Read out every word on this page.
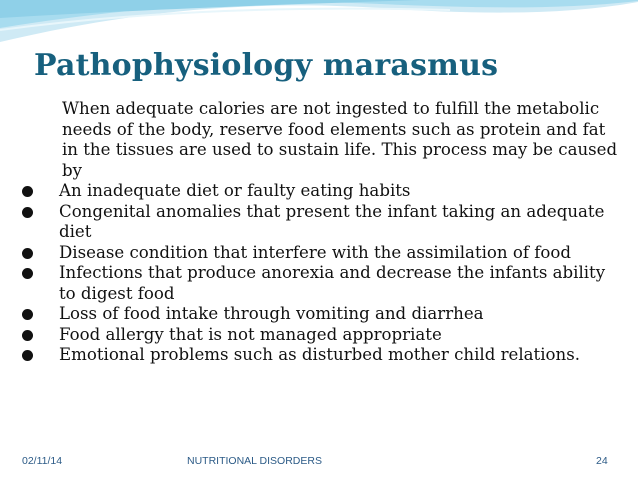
Pathophysiology marasmus

When adequate calories are not ingested to fulfill the metabolic needs of the body, reserve food elements such as protein and fat in the tissues are used to sustain life. This process may be caused by

An inadequate diet or faulty eating habits
Congenital anomalies that present the infant taking an adequate diet
Disease condition that interfere with the assimilation of food
Infections that produce anorexia and decrease the infants ability to digest food
Loss of food intake through vomiting and diarrhea
Food allergy that is not managed appropriate
Emotional problems such as disturbed mother child relations.
02/11/14	NUTRITIONAL DISORDERS	24
